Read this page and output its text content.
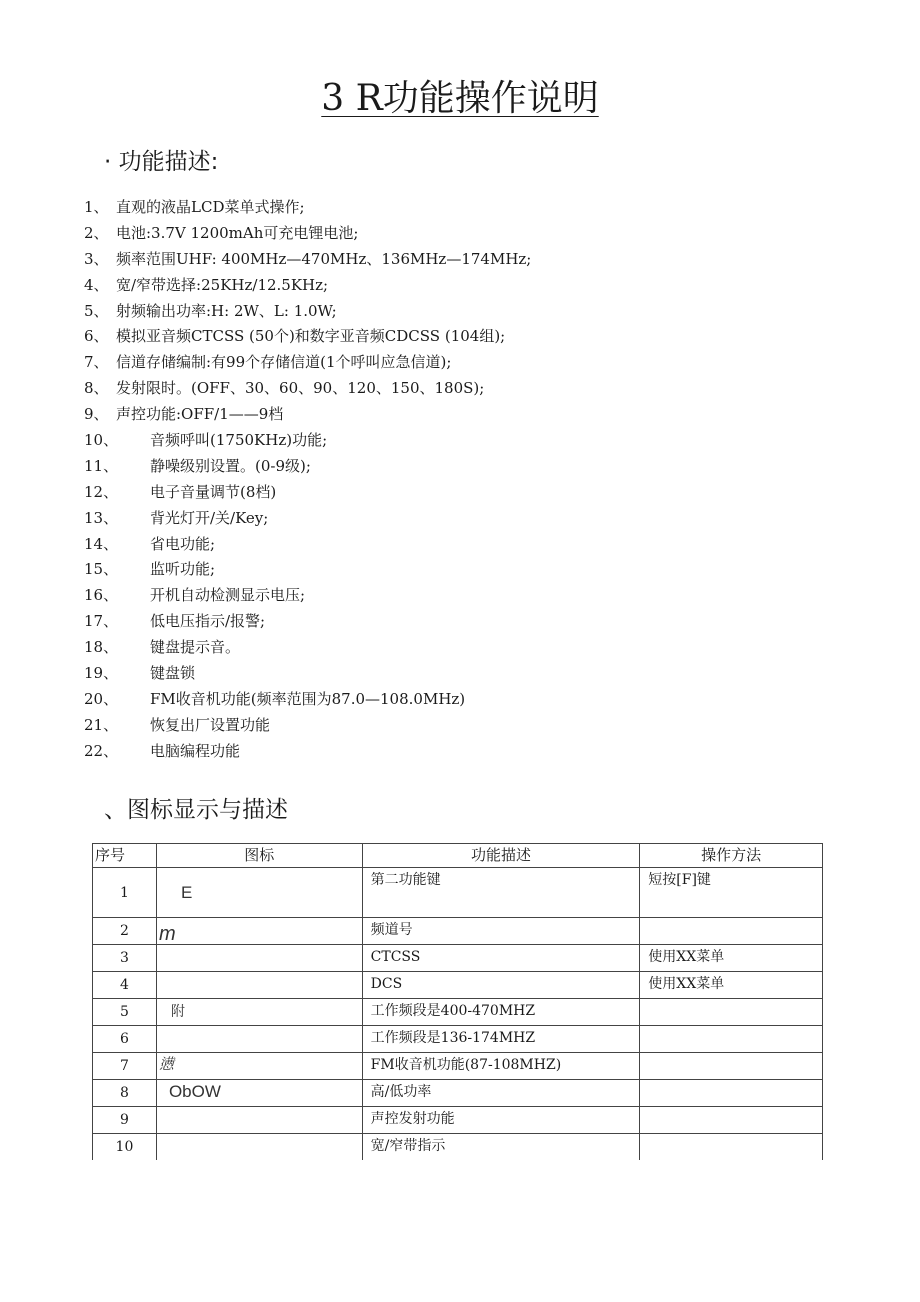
3 R功能操作说明
· 功能描述:
1、 直观的液晶LCD菜单式操作;
2、 电池:3.7V 1200mAh可充电锂电池;
3、 频率范围UHF: 400MHz—470MHz、136MHz—174MHz;
4、 宽/窄带选择:25KHz/12.5KHz;
5、 射频输出功率:H: 2W、L: 1.0W;
6、 模拟亚音频CTCSS (50个)和数字亚音频CDCSS (104组);
7、 信道存储编制:有99个存储信道(1个呼叫应急信道);
8、 发射限时。(OFF、30、60、90、120、150、180S);
9、 声控功能:OFF/1——9档
10、 音频呼叫(1750KHz)功能;
11、 静噪级别设置。(0-9级);
12、 电子音量调节(8档)
13、 背光灯开/关/Key;
14、 省电功能;
15、 监听功能;
16、 开机自动检测显示电压;
17、 低电压指示/报警;
18、 键盘提示音。
19、 键盘锁
20、 FM收音机功能(频率范围为87.0—108.0MHz)
21、 恢复出厂设置功能
22、 电脑编程功能
、图标显示与描述
序号	图标	功能描述	操作方法
1	E	第二功能键	短按[F]键
2	m	频道号	
3		CTCSS	使用XX菜单
4		DCS	使用XX菜单
5	附	工作频段是400-470MHZ	
6		工作频段是136-174MHZ	
7	懑	FM收音机功能(87-108MHZ)	
8	ObOW	高/低功率	
9		声控发射功能	
10		宽/窄带指示	
